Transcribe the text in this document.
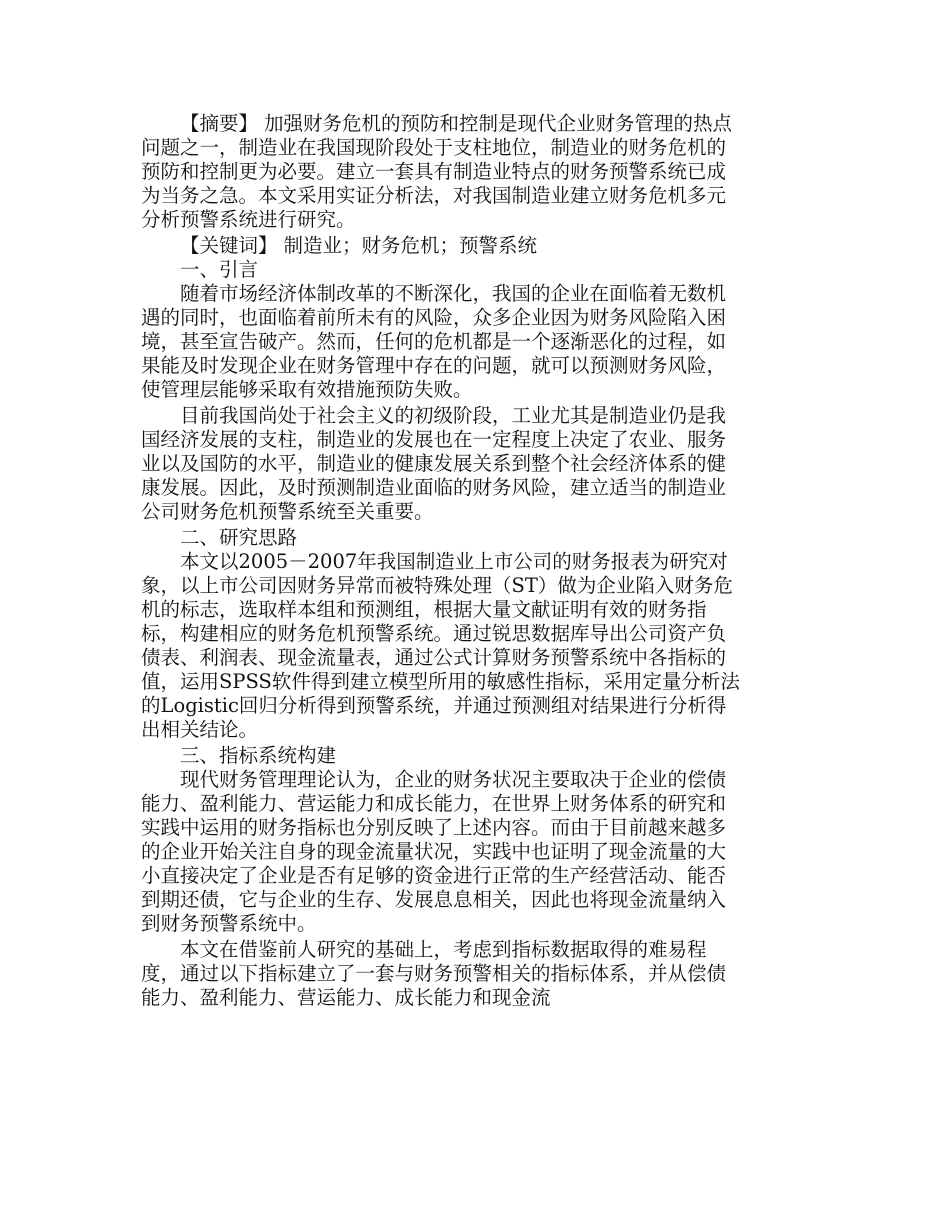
【摘要】 加强财务危机的预防和控制是现代企业财务管理的热点问题之一，制造业在我国现阶段处于支柱地位，制造业的财务危机的预防和控制更为必要。建立一套具有制造业特点的财务预警系统已成为当务之急。本文采用实证分析法，对我国制造业建立财务危机多元分析预警系统进行研究。

【关键词】 制造业；财务危机；预警系统

一、引言

随着市场经济体制改革的不断深化，我国的企业在面临着无数机遇的同时，也面临着前所未有的风险，众多企业因为财务风险陷入困境，甚至宣告破产。然而，任何的危机都是一个逐渐恶化的过程，如果能及时发现企业在财务管理中存在的问题，就可以预测财务风险，使管理层能够采取有效措施预防失败。

目前我国尚处于社会主义的初级阶段，工业尤其是制造业仍是我国经济发展的支柱，制造业的发展也在一定程度上决定了农业、服务业以及国防的水平，制造业的健康发展关系到整个社会经济体系的健康发展。因此，及时预测制造业面临的财务风险，建立适当的制造业公司财务危机预警系统至关重要。

二、研究思路

本文以2005－2007年我国制造业上市公司的财务报表为研究对象，以上市公司因财务异常而被特殊处理（ST）做为企业陷入财务危机的标志，选取样本组和预测组，根据大量文献证明有效的财务指标，构建相应的财务危机预警系统。通过锐思数据库导出公司资产负债表、利润表、现金流量表，通过公式计算财务预警系统中各指标的值，运用SPSS软件得到建立模型所用的敏感性指标，采用定量分析法的Logistic回归分析得到预警系统，并通过预测组对结果进行分析得出相关结论。

三、指标系统构建

现代财务管理理论认为，企业的财务状况主要取决于企业的偿债能力、盈利能力、营运能力和成长能力，在世界上财务体系的研究和实践中运用的财务指标也分别反映了上述内容。而由于目前越来越多的企业开始关注自身的现金流量状况，实践中也证明了现金流量的大小直接决定了企业是否有足够的资金进行正常的生产经营活动、能否到期还债，它与企业的生存、发展息息相关，因此也将现金流量纳入到财务预警系统中。

本文在借鉴前人研究的基础上，考虑到指标数据取得的难易程度，通过以下指标建立了一套与财务预警相关的指标体系，并从偿债能力、盈利能力、营运能力、成长能力和现金流
